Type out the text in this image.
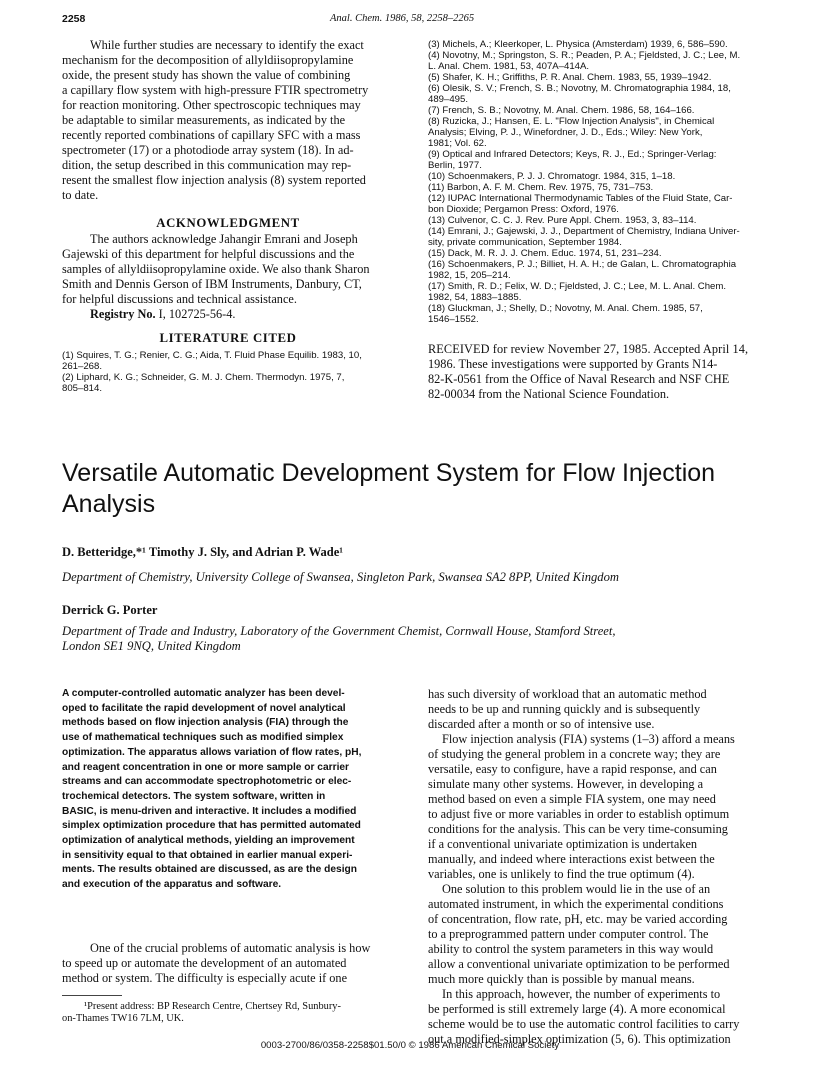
2258	Anal. Chem. 1986, 58, 2258–2265

While further studies are necessary to identify the exact

mechanism for the decomposition of allyldiisopropylamine

oxide, the present study has shown the value of combining

a capillary flow system with high-pressure FTIR spectrometry

for reaction monitoring. Other spectroscopic techniques may

be adaptable to similar measurements, as indicated by the

recently reported combinations of capillary SFC with a mass

spectrometer (17) or a photodiode array system (18). In ad-

dition, the setup described in this communication may rep-

resent the smallest flow injection analysis (8) system reported

to date.

ACKNOWLEDGMENT

The authors acknowledge Jahangir Emrani and Joseph

Gajewski of this department for helpful discussions and the

samples of allyldiisopropylamine oxide. We also thank Sharon

Smith and Dennis Gerson of IBM Instruments, Danbury, CT,

for helpful discussions and technical assistance.

Registry No. I, 102725-56-4.

LITERATURE CITED

(1) Squires, T. G.; Renier, C. G.; Aida, T. Fluid Phase Equilib. 1983, 10,

261–268.

(2) Liphard, K. G.; Schneider, G. M. J. Chem. Thermodyn. 1975, 7,

805–814.

(3) Michels, A.; Kleerkoper, L. Physica (Amsterdam) 1939, 6, 586–590.

(4) Novotny, M.; Springston, S. R.; Peaden, P. A.; Fjeldsted, J. C.; Lee, M.

L. Anal. Chem. 1981, 53, 407A–414A.

(5) Shafer, K. H.; Griffiths, P. R. Anal. Chem. 1983, 55, 1939–1942.

(6) Olesik, S. V.; French, S. B.; Novotny, M. Chromatographia 1984, 18,

489–495.

(7) French, S. B.; Novotny, M. Anal. Chem. 1986, 58, 164–166.

(8) Ruzicka, J.; Hansen, E. L. "Flow Injection Analysis", in Chemical

Analysis; Elving, P. J., Winefordner, J. D., Eds.; Wiley: New York,

1981; Vol. 62.

(9) Optical and Infrared Detectors; Keys, R. J., Ed.; Springer-Verlag:

Berlin, 1977.

(10) Schoenmakers, P. J. J. Chromatogr. 1984, 315, 1–18.

(11) Barbon, A. F. M. Chem. Rev. 1975, 75, 731–753.

(12) IUPAC International Thermodynamic Tables of the Fluid State, Car-

bon Dioxide; Pergamon Press: Oxford, 1976.

(13) Culvenor, C. C. J. Rev. Pure Appl. Chem. 1953, 3, 83–114.

(14) Emrani, J.; Gajewski, J. J., Department of Chemistry, Indiana Univer-

sity, private communication, September 1984.

(15) Dack, M. R. J. J. Chem. Educ. 1974, 51, 231–234.

(16) Schoenmakers, P. J.; Billiet, H. A. H.; de Galan, L. Chromatographia

1982, 15, 205–214.

(17) Smith, R. D.; Felix, W. D.; Fjeldsted, J. C.; Lee, M. L. Anal. Chem.

1982, 54, 1883–1885.

(18) Gluckman, J.; Shelly, D.; Novotny, M. Anal. Chem. 1985, 57,

1546–1552.

RECEIVED for review November 27, 1985. Accepted April 14,

1986. These investigations were supported by Grants N14-

82-K-0561 from the Office of Naval Research and NSF CHE

82-00034 from the National Science Foundation.

Versatile Automatic Development System for Flow Injection
Analysis
D. Betteridge,*¹ Timothy J. Sly, and Adrian P. Wade¹
Department of Chemistry, University College of Swansea, Singleton Park, Swansea SA2 8PP, United Kingdom
Derrick G. Porter
Department of Trade and Industry, Laboratory of the Government Chemist, Cornwall House, Stamford Street,
London SE1 9NQ, United Kingdom

A computer-controlled automatic analyzer has been devel-

oped to facilitate the rapid development of novel analytical

methods based on flow injection analysis (FIA) through the

use of mathematical techniques such as modified simplex

optimization. The apparatus allows variation of flow rates, pH,

and reagent concentration in one or more sample or carrier

streams and can accommodate spectrophotometric or elec-

trochemical detectors. The system software, written in

BASIC, is menu-driven and interactive. It includes a modified

simplex optimization procedure that has permitted automated

optimization of analytical methods, yielding an improvement

in sensitivity equal to that obtained in earlier manual experi-

ments. The results obtained are discussed, as are the design

and execution of the apparatus and software.

One of the crucial problems of automatic analysis is how

to speed up or automate the development of an automated

method or system. The difficulty is especially acute if one

¹Present address: BP Research Centre, Chertsey Rd, Sunbury-

on-Thames TW16 7LM, UK.

has such diversity of workload that an automatic method

needs to be up and running quickly and is subsequently

discarded after a month or so of intensive use.

Flow injection analysis (FIA) systems (1–3) afford a means

of studying the general problem in a concrete way; they are

versatile, easy to configure, have a rapid response, and can

simulate many other systems. However, in developing a

method based on even a simple FIA system, one may need

to adjust five or more variables in order to establish optimum

conditions for the analysis. This can be very time-consuming

if a conventional univariate optimization is undertaken

manually, and indeed where interactions exist between the

variables, one is unlikely to find the true optimum (4).

One solution to this problem would lie in the use of an

automated instrument, in which the experimental conditions

of concentration, flow rate, pH, etc. may be varied according

to a preprogrammed pattern under computer control. The

ability to control the system parameters in this way would

allow a conventional univariate optimization to be performed

much more quickly than is possible by manual means.

In this approach, however, the number of experiments to

be performed is still extremely large (4). A more economical

scheme would be to use the automatic control facilities to carry

out a modified-simplex optimization (5, 6). This optimization

0003-2700/86/0358-2258$01.50/0 © 1986 American Chemical Society
